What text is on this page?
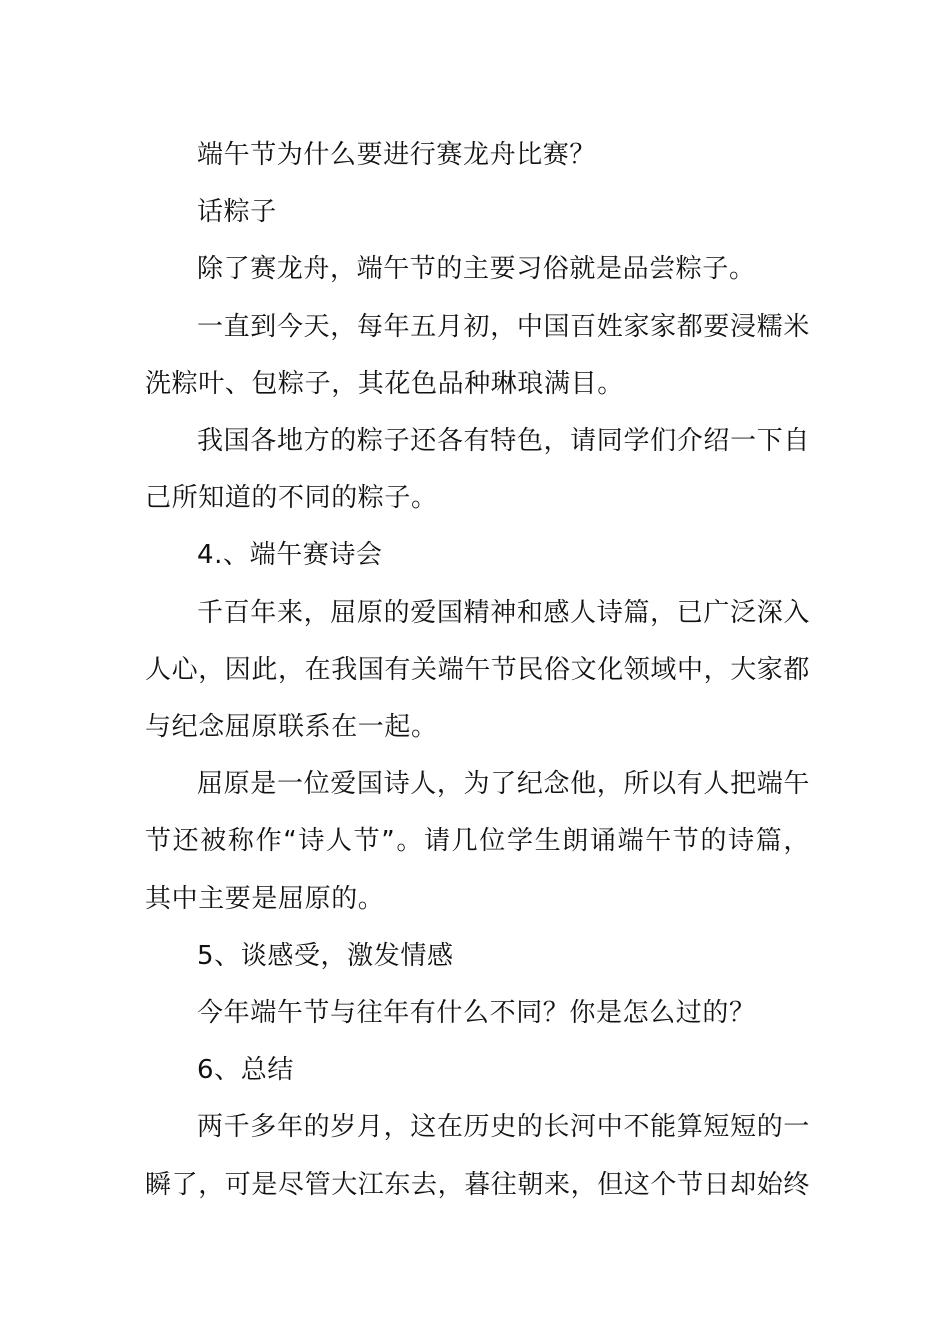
端午节为什么要进行赛龙舟比赛？

话粽子

除了赛龙舟，端午节的主要习俗就是品尝粽子。

一直到今天，每年五月初，中国百姓家家都要浸糯米洗粽叶、包粽子，其花色品种琳琅满目。

我国各地方的粽子还各有特色，请同学们介绍一下自己所知道的不同的粽子。

4.、端午赛诗会

千百年来，屈原的爱国精神和感人诗篇，已广泛深入人心，因此，在我国有关端午节民俗文化领域中，大家都与纪念屈原联系在一起。

屈原是一位爱国诗人，为了纪念他，所以有人把端午节还被称作“诗人节”。请几位学生朗诵端午节的诗篇，其中主要是屈原的。

5、谈感受，激发情感

今年端午节与往年有什么不同？你是怎么过的？

6、总结

两千多年的岁月，这在历史的长河中不能算短短的一瞬了，可是尽管大江东去，暮往朝来，但这个节日却始终
